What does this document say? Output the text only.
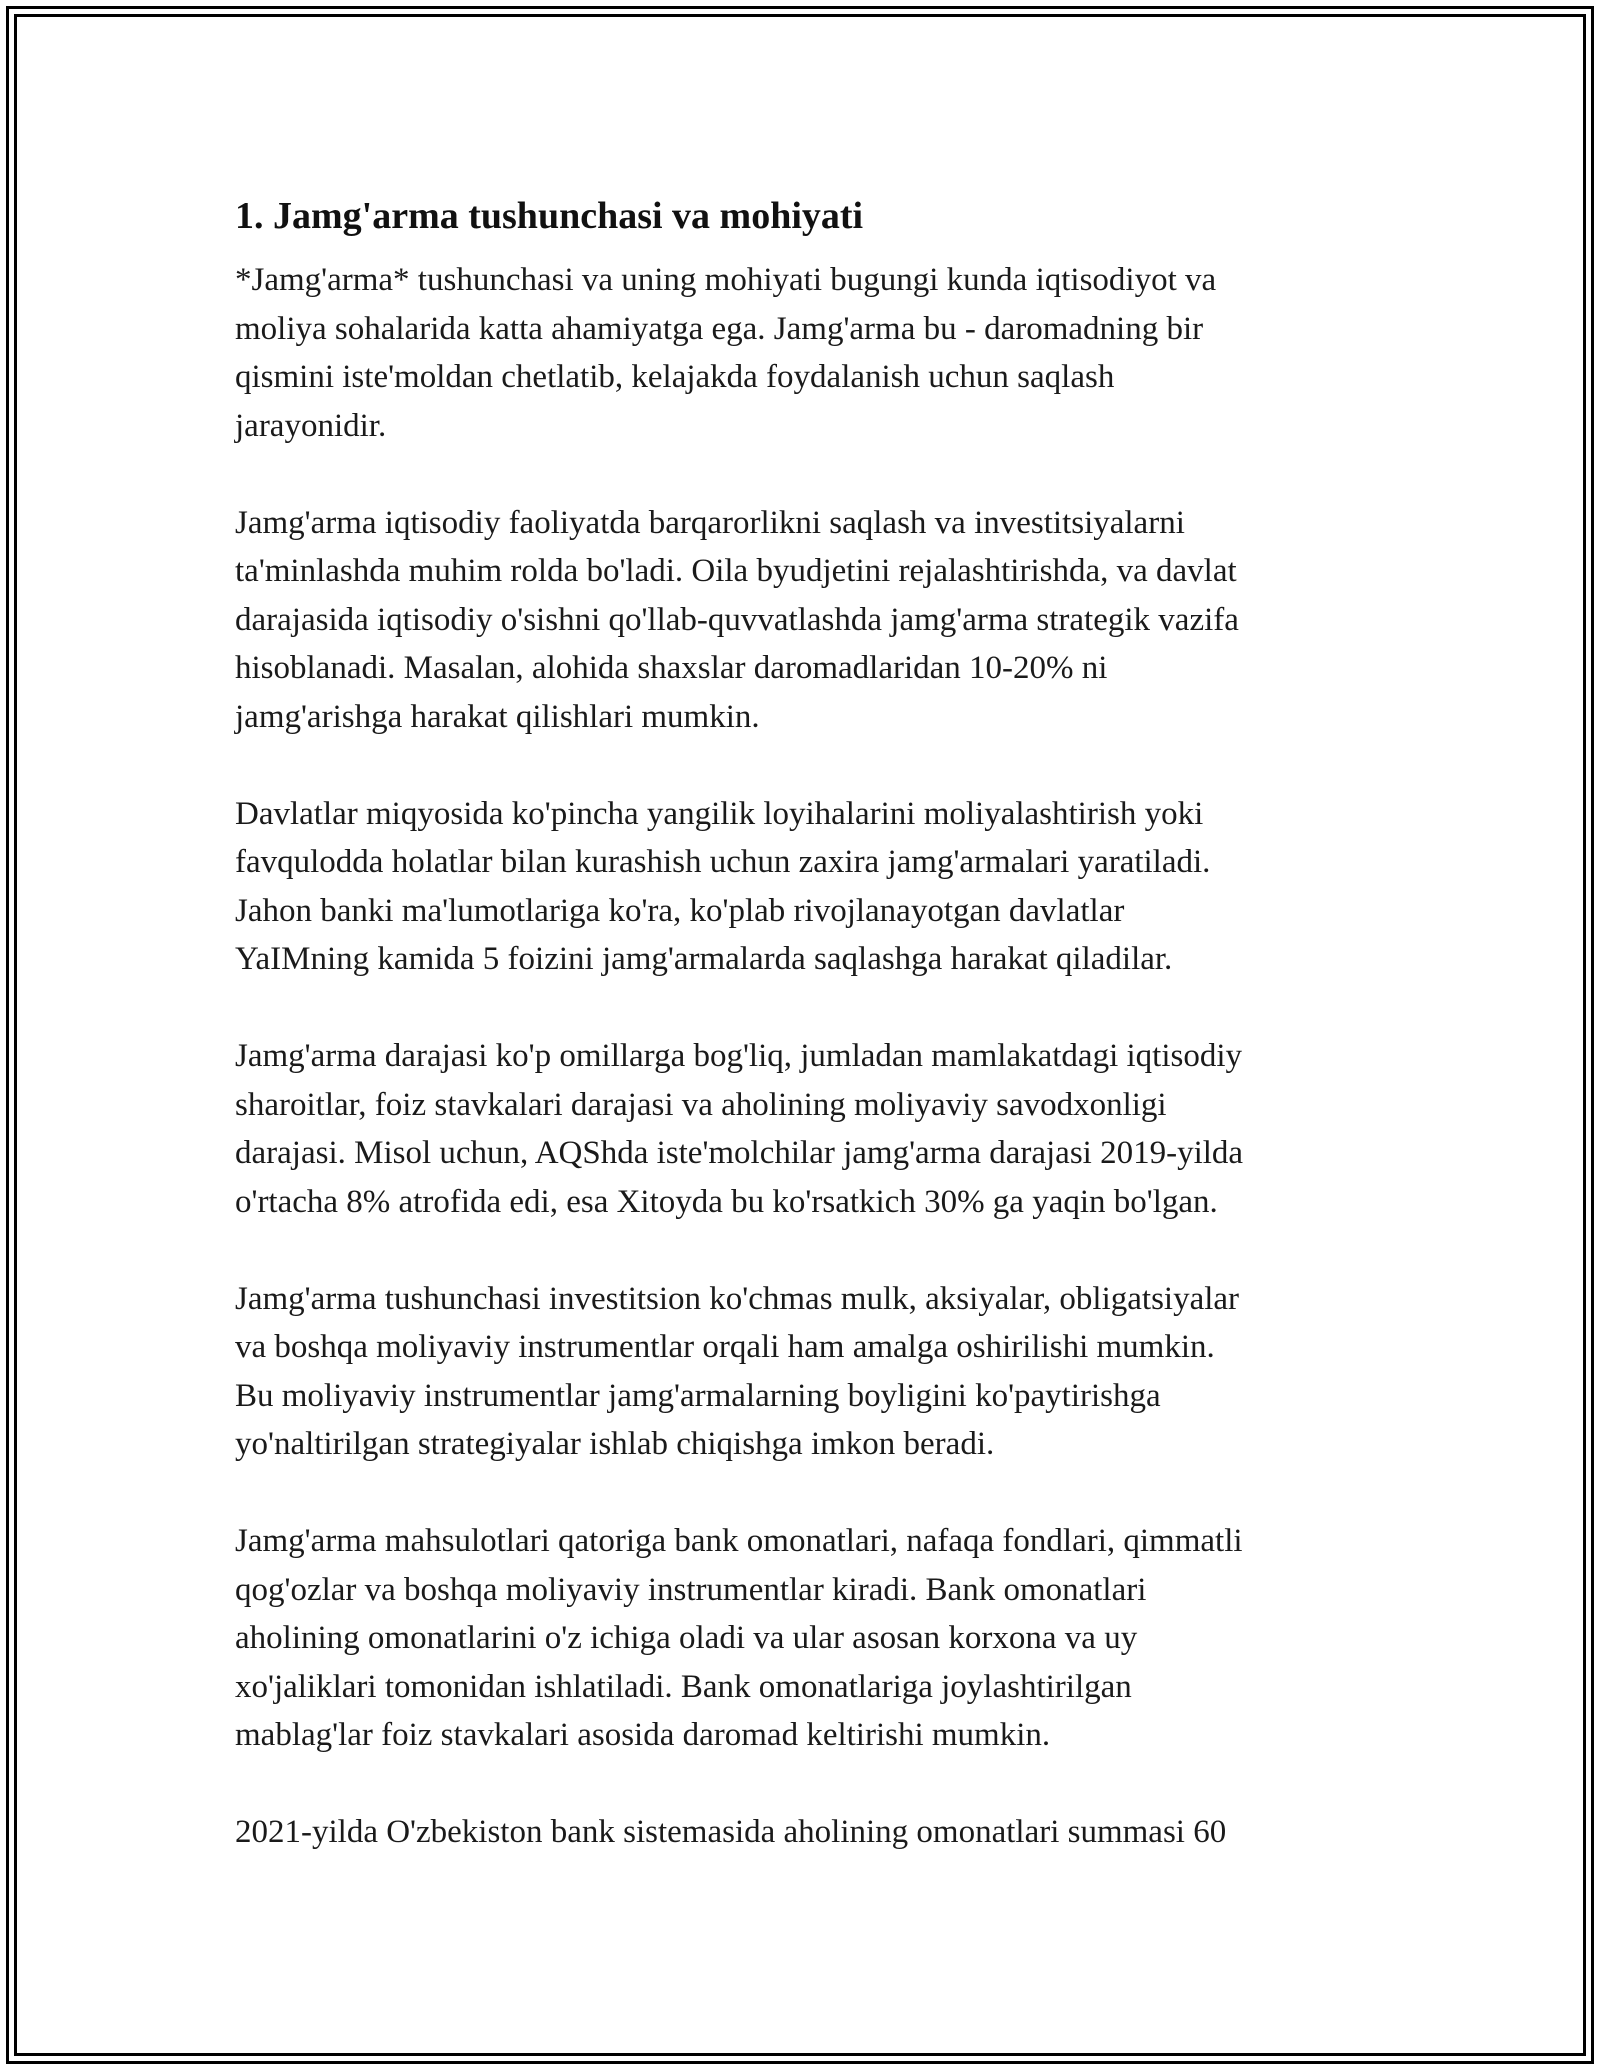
1. Jamg'arma tushunchasi va mohiyati

*Jamg'arma* tushunchasi va uning mohiyati bugungi kunda iqtisodiyot va
moliya sohalarida katta ahamiyatga ega. Jamg'arma bu - daromadning bir
qismini iste'moldan chetlatib, kelajakda foydalanish uchun saqlash
jarayonidir.

Jamg'arma iqtisodiy faoliyatda barqarorlikni saqlash va investitsiyalarni
ta'minlashda muhim rolda bo'ladi. Oila byudjetini rejalashtirishda, va davlat
darajasida iqtisodiy o'sishni qo'llab-quvvatlashda jamg'arma strategik vazifa
hisoblanadi. Masalan, alohida shaxslar daromadlaridan 10-20% ni
jamg'arishga harakat qilishlari mumkin.

Davlatlar miqyosida ko'pincha yangilik loyihalarini moliyalashtirish yoki
favqulodda holatlar bilan kurashish uchun zaxira jamg'armalari yaratiladi.
Jahon banki ma'lumotlariga ko'ra, ko'plab rivojlanayotgan davlatlar
YaIMning kamida 5 foizini jamg'armalarda saqlashga harakat qiladilar.

Jamg'arma darajasi ko'p omillarga bog'liq, jumladan mamlakatdagi iqtisodiy
sharoitlar, foiz stavkalari darajasi va aholining moliyaviy savodxonligi
darajasi. Misol uchun, AQShda iste'molchilar jamg'arma darajasi 2019-yilda
o'rtacha 8% atrofida edi, esa Xitoyda bu ko'rsatkich 30% ga yaqin bo'lgan.

Jamg'arma tushunchasi investitsion ko'chmas mulk, aksiyalar, obligatsiyalar
va boshqa moliyaviy instrumentlar orqali ham amalga oshirilishi mumkin.
Bu moliyaviy instrumentlar jamg'armalarning boyligini ko'paytirishga
yo'naltirilgan strategiyalar ishlab chiqishga imkon beradi.

Jamg'arma mahsulotlari qatoriga bank omonatlari, nafaqa fondlari, qimmatli
qog'ozlar va boshqa moliyaviy instrumentlar kiradi. Bank omonatlari
aholining omonatlarini o'z ichiga oladi va ular asosan korxona va uy
xo'jaliklari tomonidan ishlatiladi. Bank omonatlariga joylashtirilgan
mablag'lar foiz stavkalari asosida daromad keltirishi mumkin.

2021-yilda O'zbekiston bank sistemasida aholining omonatlari summasi 60
